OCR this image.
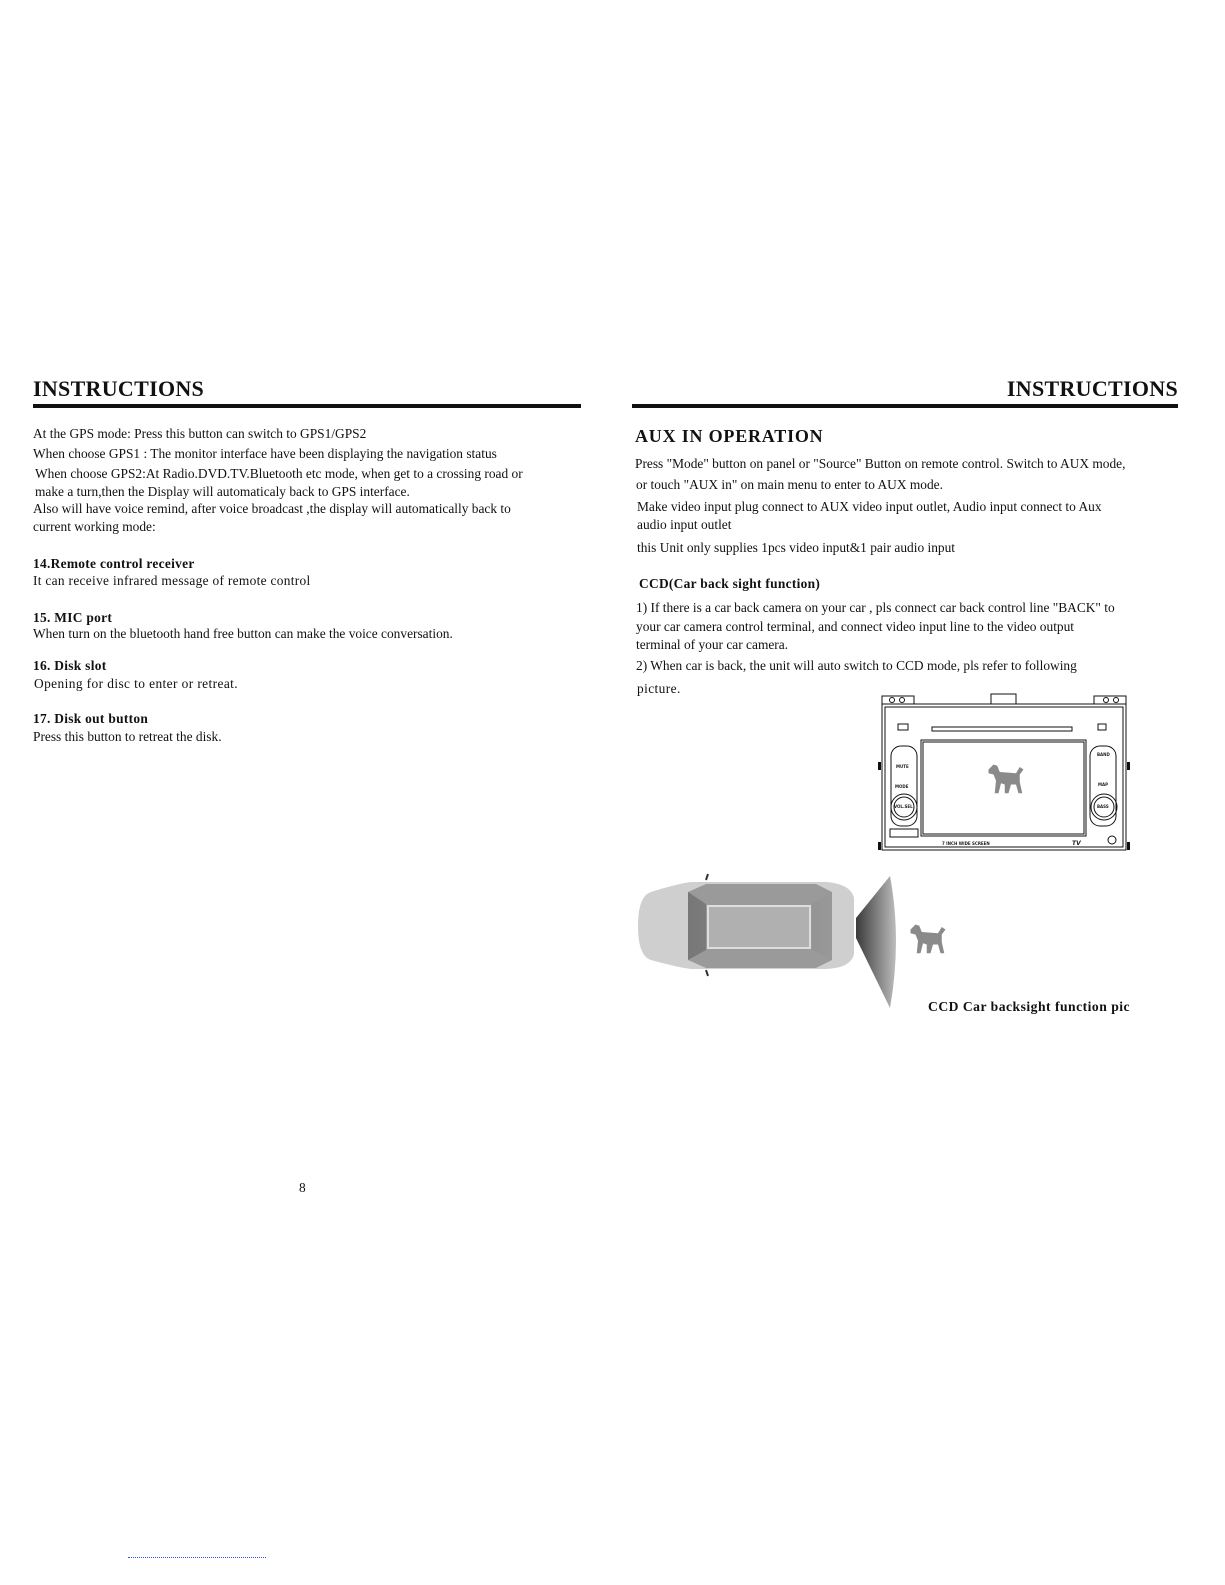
INSTRUCTIONS
At the GPS mode: Press this button can switch to GPS1/GPS2
When choose GPS1 : The monitor interface have been displaying the navigation status
When choose GPS2:At Radio.DVD.TV.Bluetooth etc mode, when get to a crossing road or
make a turn,then the Display will automaticaly back to GPS interface.
Also will have voice remind, after voice broadcast ,the display will automatically back to
current working mode:
14.Remote control receiver
It can receive infrared message of remote control
15. MIC port
When turn on the bluetooth hand free button can make the voice conversation.
16. Disk slot
Opening for disc to enter or retreat.
17. Disk out button
Press this button to retreat the disk.
8
INSTRUCTIONS
AUX IN OPERATION
Press "Mode" button on panel or "Source" Button on remote control. Switch to AUX mode,
or touch "AUX in" on main menu to enter to AUX mode.
Make video input plug connect to AUX video input outlet, Audio input connect to Aux
audio input outlet
this Unit only supplies 1pcs video input&1 pair audio input
CCD(Car back sight function)
1) If there is a car back camera on your car , pls connect car back control line "BACK" to
your car camera control terminal, and connect video input line to the video output
terminal of your car camera.
2) When car is back, the unit will auto switch to CCD mode, pls refer to following
picture.
VOL.SEL
MODE
MUTE
MAP
BAND
BASS
7 INCH WIDE SCREEN	TV
CCD Car backsight function pic
